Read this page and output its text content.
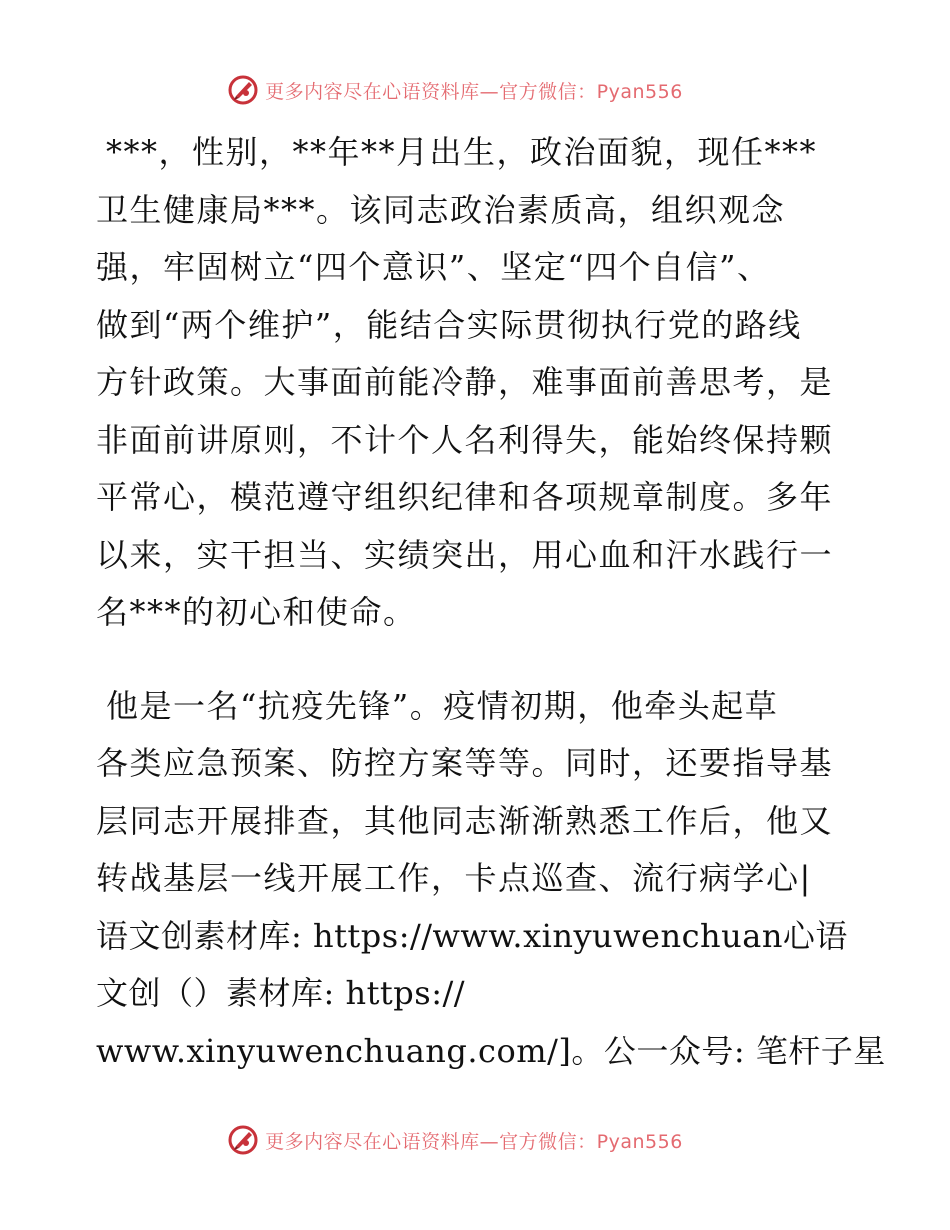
更多内容尽在心语资料库—官方微信：Pyan556
***，性别，**年**月出生，政治面貌，现任***
卫生健康局***。该同志政治素质高，组织观念
强，牢固树立“四个意识”、坚定“四个自信”、
做到“两个维护”，能结合实际贯彻执行党的路线
方针政策。大事面前能冷静，难事面前善思考，是
非面前讲原则，不计个人名利得失，能始终保持颗
平常心，模范遵守组织纪律和各项规章制度。多年
以来，实干担当、实绩突出，用心血和汗水践行一
名***的初心和使命。
他是一名“抗疫先锋”。疫情初期，他牵头起草
各类应急预案、防控方案等等。同时，还要指导基
层同志开展排查，其他同志渐渐熟悉工作后，他又
转战基层一线开展工作，卡点巡查、流行病学心|
语文创素材库: https://www.xinyuwenchuan心语
文创（）素材库: https://
www.xinyuwenchuang.com/]。公一众号: 笔杆子星
更多内容尽在心语资料库—官方微信：Pyan556
